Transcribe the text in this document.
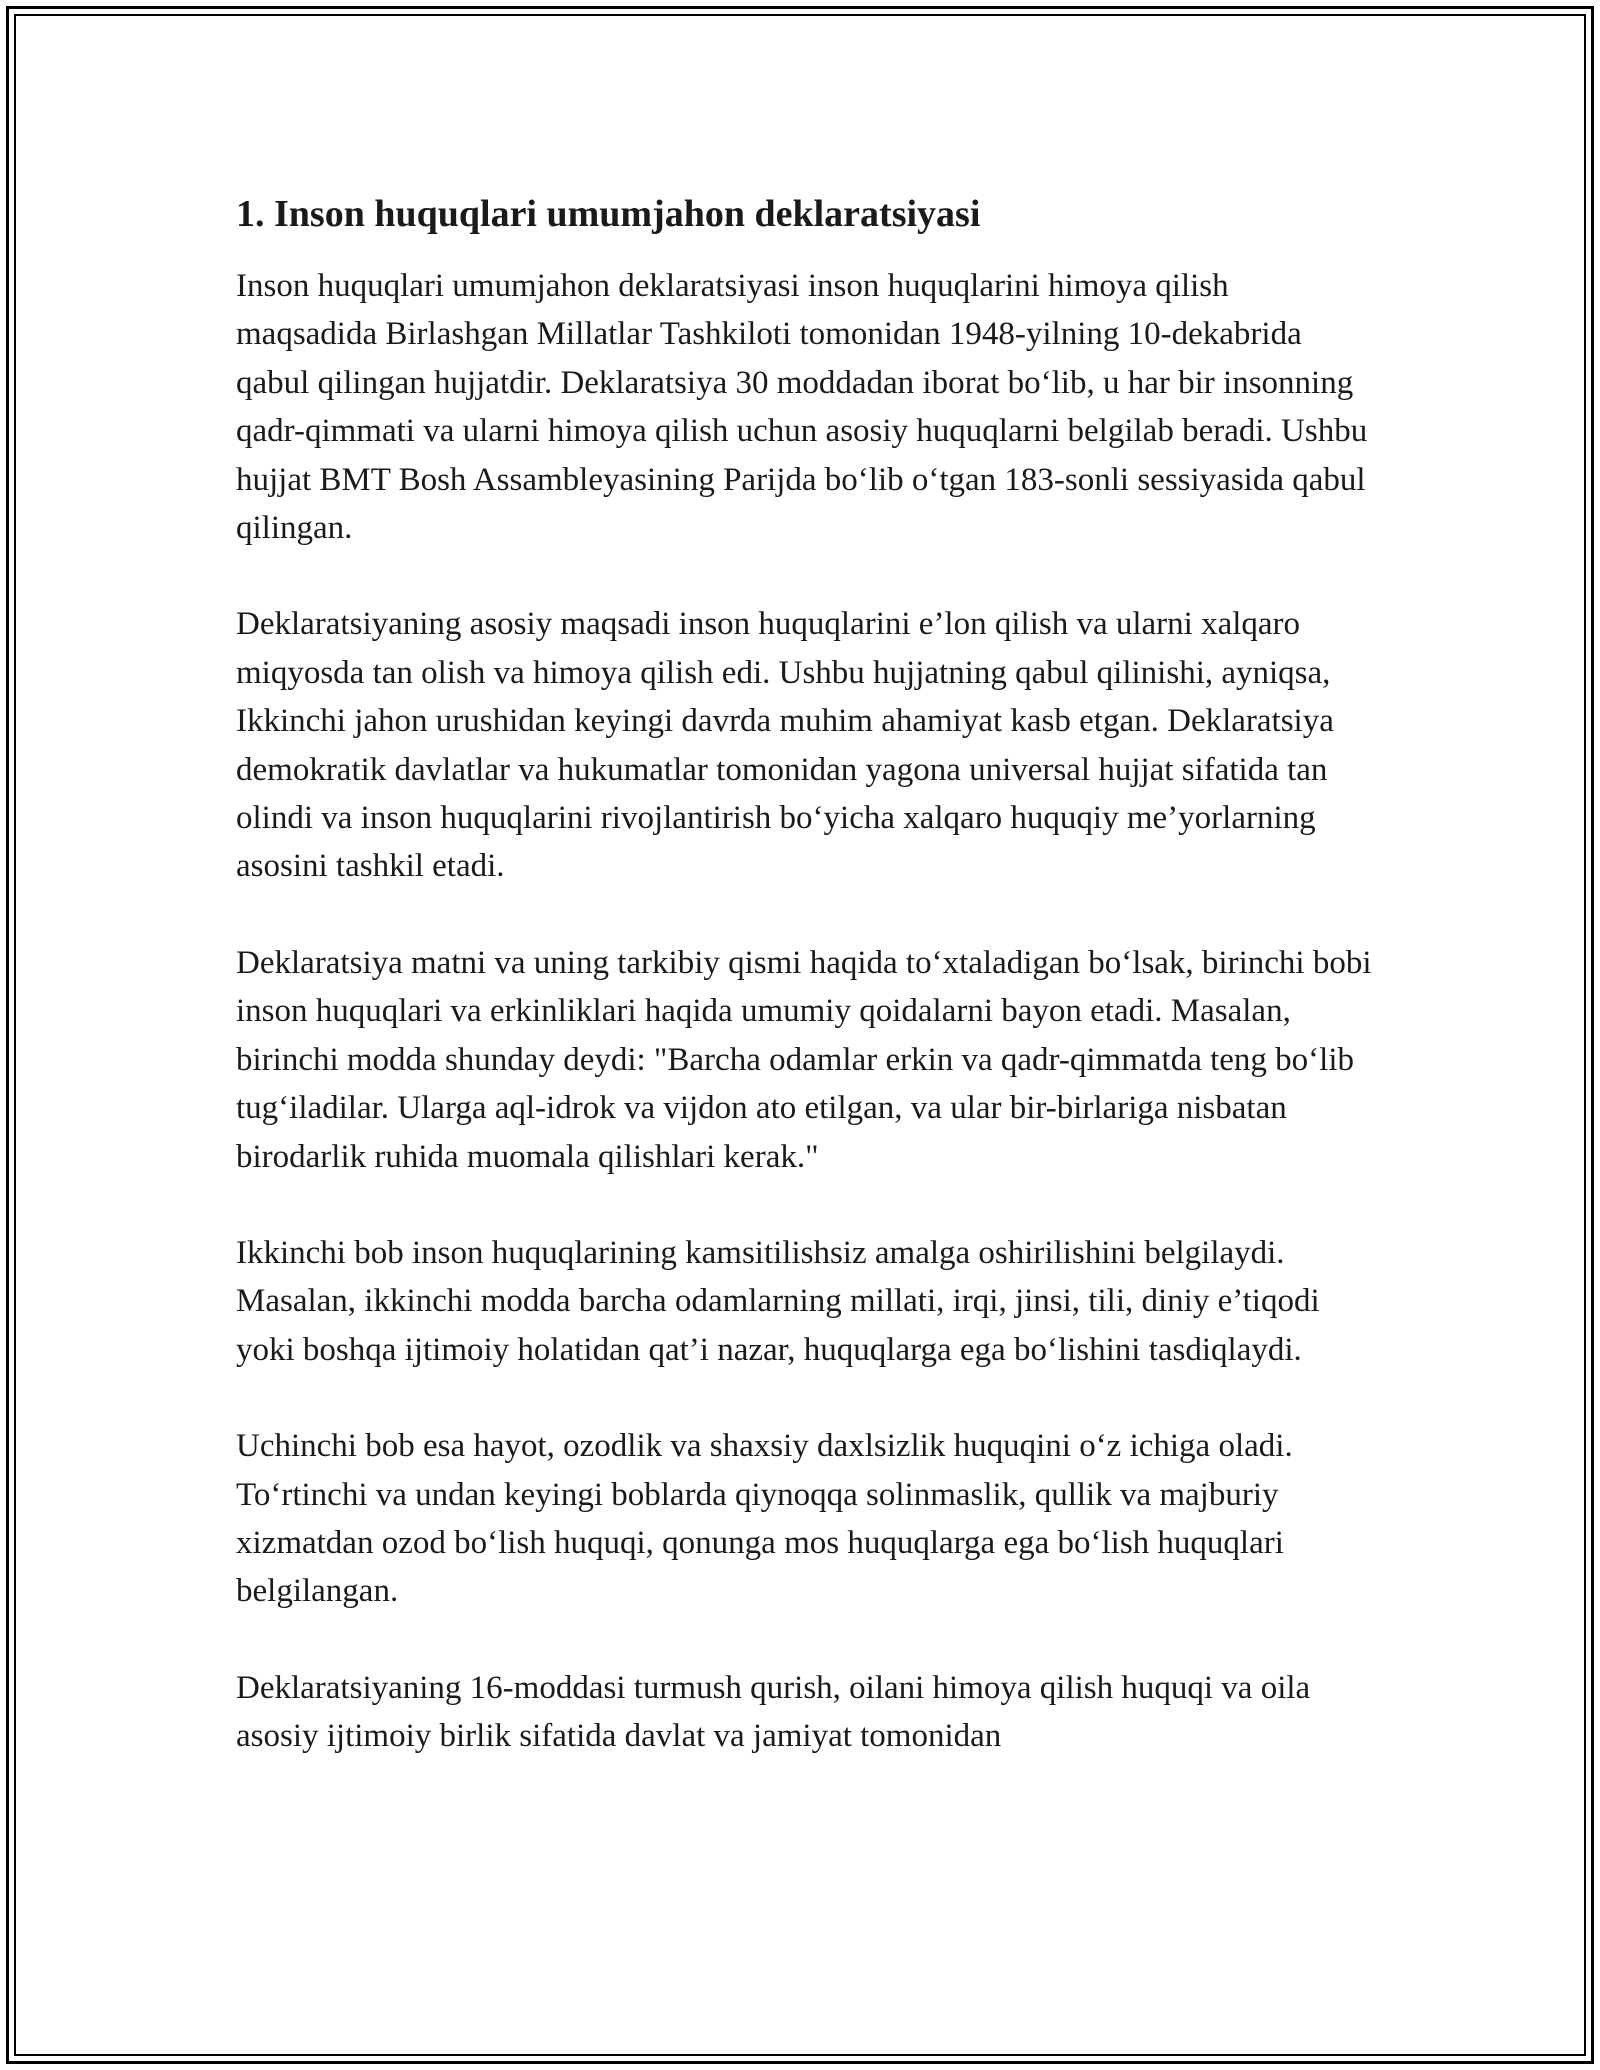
1. Inson huquqlari umumjahon deklaratsiyasi

Inson huquqlari umumjahon deklaratsiyasi inson huquqlarini himoya qilish maqsadida Birlashgan Millatlar Tashkiloti tomonidan 1948-yilning 10-dekabrida qabul qilingan hujjatdir. Deklaratsiya 30 moddadan iborat boʻlib, u har bir insonning qadr-qimmati va ularni himoya qilish uchun asosiy huquqlarni belgilab beradi. Ushbu hujjat BMT Bosh Assambleyasining Parijda boʻlib oʻtgan 183-sonli sessiyasida qabul qilingan.

Deklaratsiyaning asosiy maqsadi inson huquqlarini e’lon qilish va ularni xalqaro miqyosda tan olish va himoya qilish edi. Ushbu hujjatning qabul qilinishi, ayniqsa, Ikkinchi jahon urushidan keyingi davrda muhim ahamiyat kasb etgan. Deklaratsiya demokratik davlatlar va hukumatlar tomonidan yagona universal hujjat sifatida tan olindi va inson huquqlarini rivojlantirish boʻyicha xalqaro huquqiy me’yorlarning asosini tashkil etadi.

Deklaratsiya matni va uning tarkibiy qismi haqida toʻxtaladigan boʻlsak, birinchi bobi inson huquqlari va erkinliklari haqida umumiy qoidalarni bayon etadi. Masalan, birinchi modda shunday deydi: "Barcha odamlar erkin va qadr-qimmatda teng boʻlib tugʻiladilar. Ularga aql-idrok va vijdon ato etilgan, va ular bir-birlariga nisbatan birodarlik ruhida muomala qilishlari kerak."

Ikkinchi bob inson huquqlarining kamsitilishsiz amalga oshirilishini belgilaydi. Masalan, ikkinchi modda barcha odamlarning millati, irqi, jinsi, tili, diniy e’tiqodi yoki boshqa ijtimoiy holatidan qat’i nazar, huquqlarga ega boʻlishini tasdiqlaydi.

Uchinchi bob esa hayot, ozodlik va shaxsiy daxlsizlik huquqini oʻz ichiga oladi. Toʻrtinchi va undan keyingi boblarda qiynoqqa solinmaslik, qullik va majburiy xizmatdan ozod boʻlish huquqi, qonunga mos huquqlarga ega boʻlish huquqlari belgilangan.

Deklaratsiyaning 16-moddasi turmush qurish, oilani himoya qilish huquqi va oila asosiy ijtimoiy birlik sifatida davlat va jamiyat tomonidan
